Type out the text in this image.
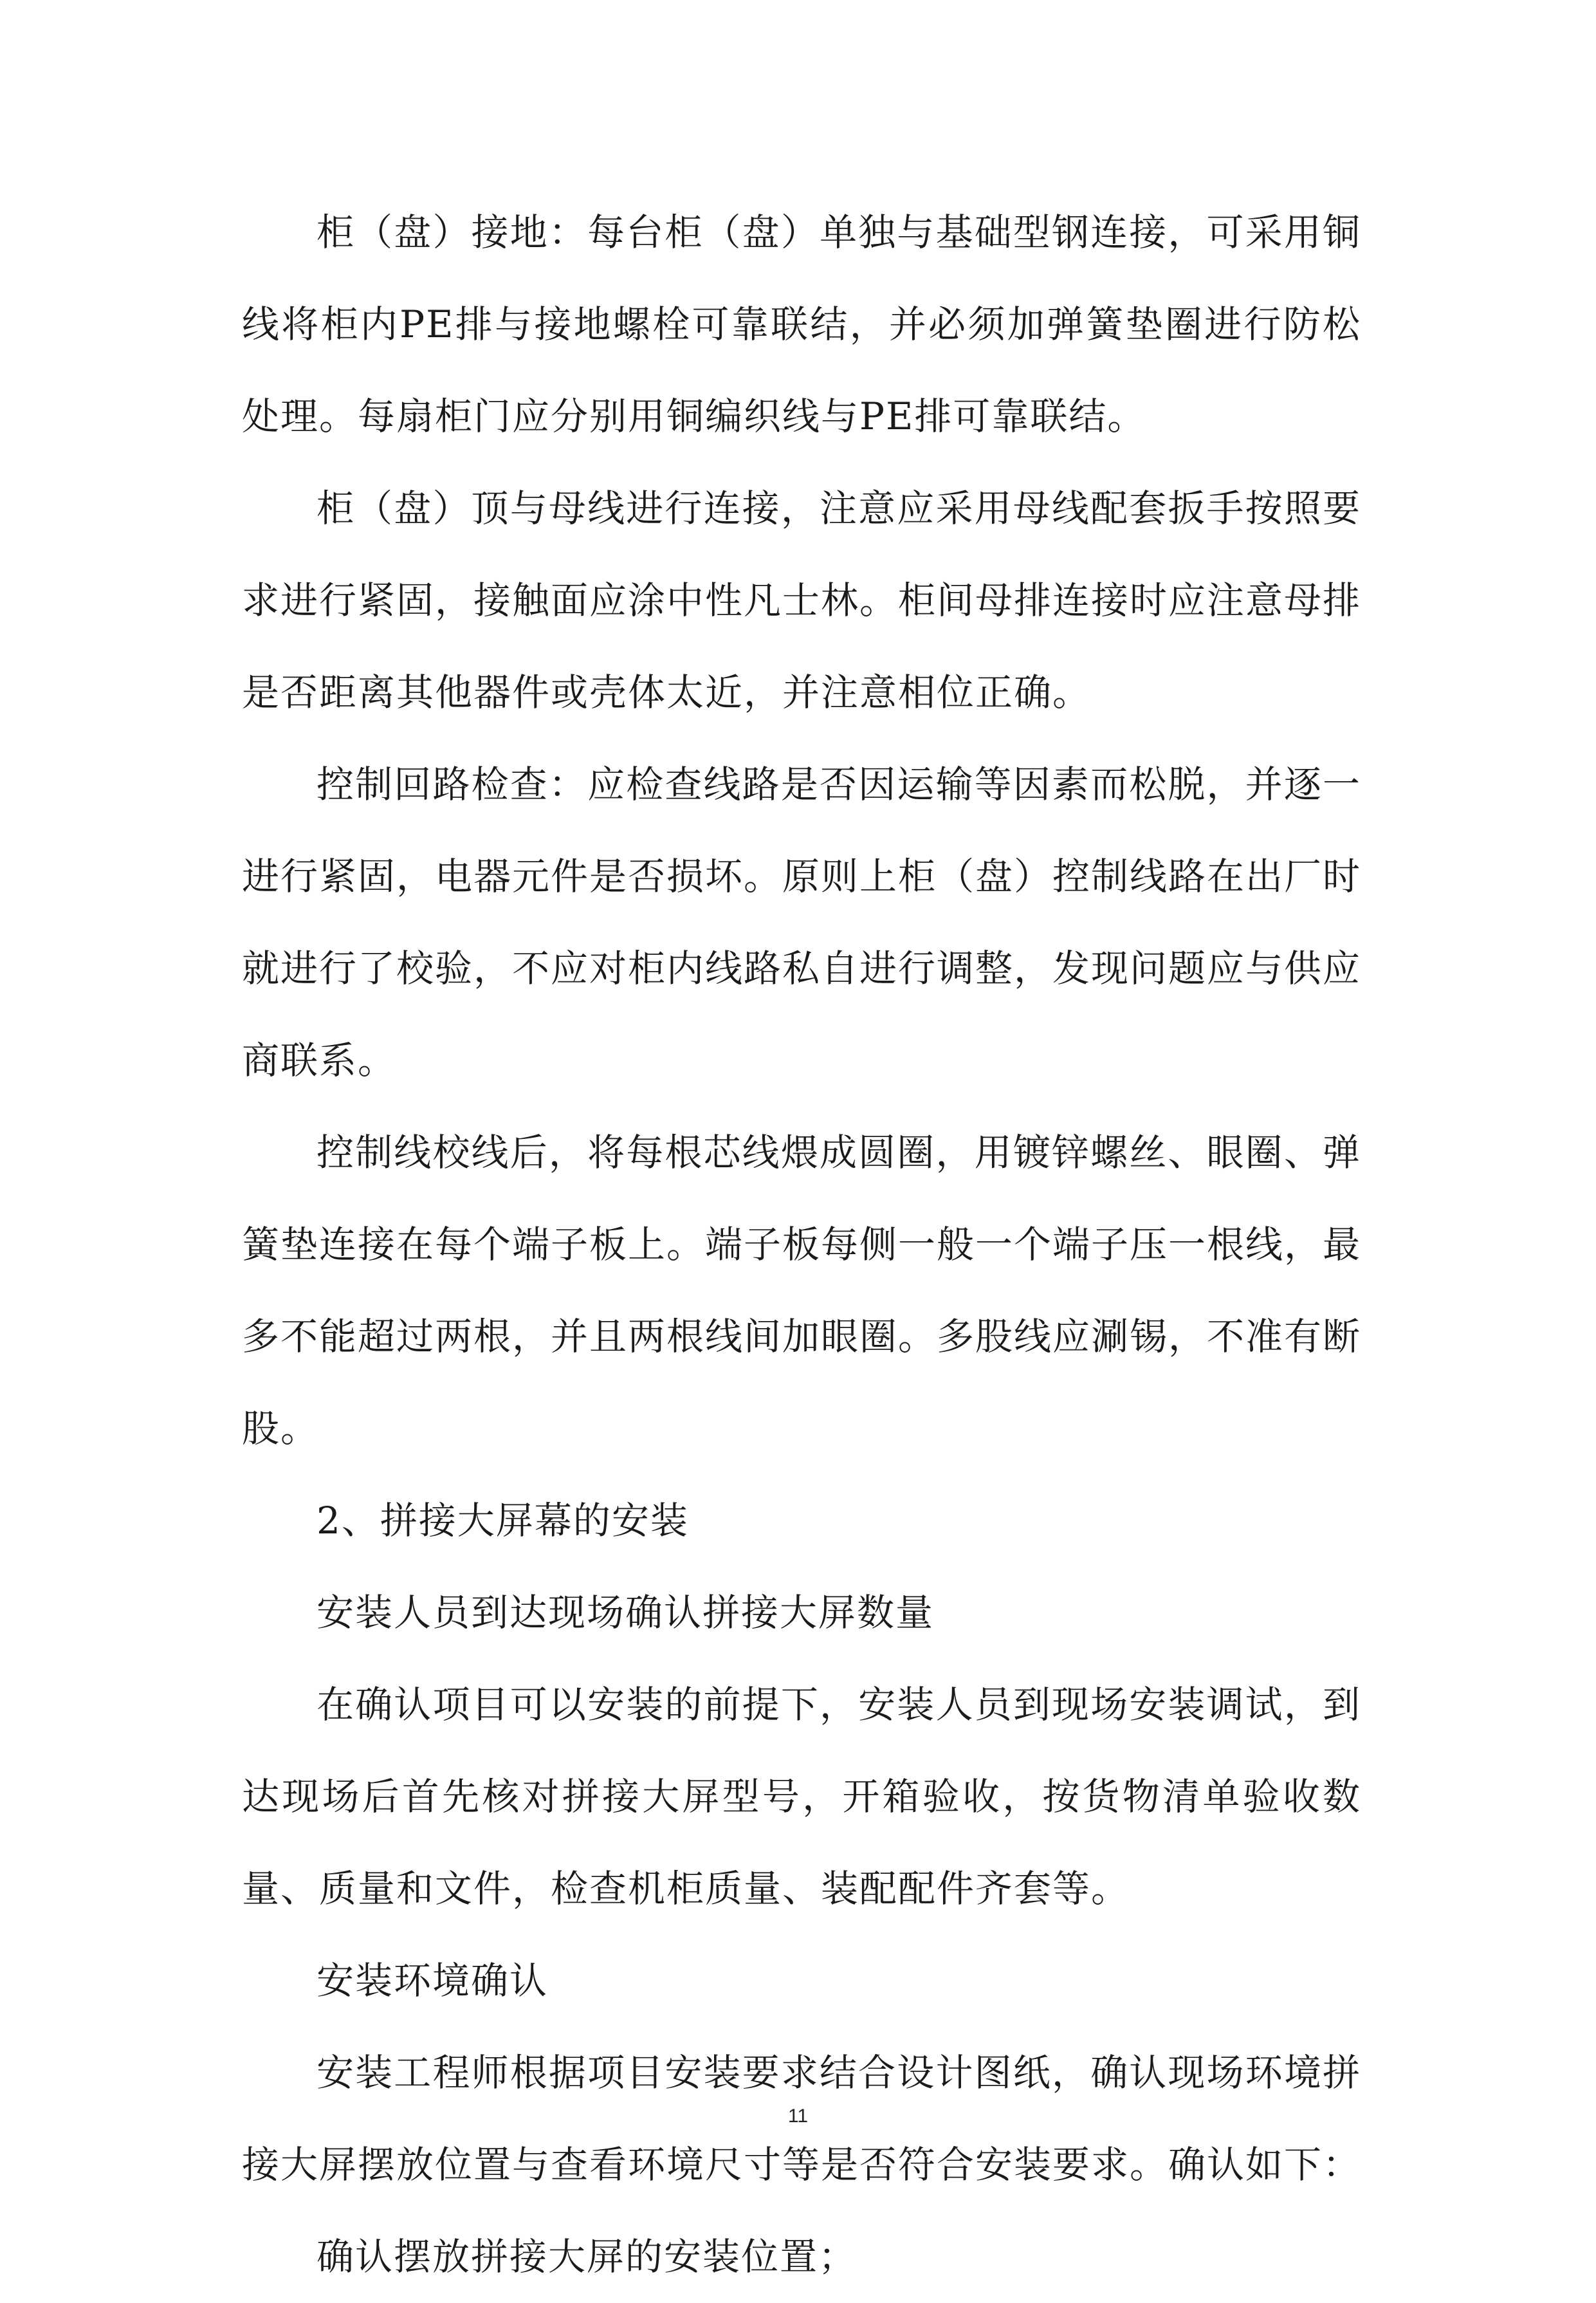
柜（盘）接地：每台柜（盘）单独与基础型钢连接，可采用铜线将柜内PE排与接地螺栓可靠联结，并必须加弹簧垫圈进行防松处理。每扇柜门应分别用铜编织线与PE排可靠联结。

柜（盘）顶与母线进行连接，注意应采用母线配套扳手按照要求进行紧固，接触面应涂中性凡士林。柜间母排连接时应注意母排是否距离其他器件或壳体太近，并注意相位正确。

控制回路检查：应检查线路是否因运输等因素而松脱，并逐一进行紧固，电器元件是否损坏。原则上柜（盘）控制线路在出厂时就进行了校验，不应对柜内线路私自进行调整，发现问题应与供应商联系。

控制线校线后，将每根芯线煨成圆圈，用镀锌螺丝、眼圈、弹簧垫连接在每个端子板上。端子板每侧一般一个端子压一根线，最多不能超过两根，并且两根线间加眼圈。多股线应涮锡，不准有断股。

2、拼接大屏幕的安装

安装人员到达现场确认拼接大屏数量

在确认项目可以安装的前提下，安装人员到现场安装调试，到达现场后首先核对拼接大屏型号，开箱验收，按货物清单验收数量、质量和文件，检查机柜质量、装配配件齐套等。

安装环境确认

安装工程师根据项目安装要求结合设计图纸，确认现场环境拼接大屏摆放位置与查看环境尺寸等是否符合安装要求。确认如下：

确认摆放拼接大屏的安装位置；

11
